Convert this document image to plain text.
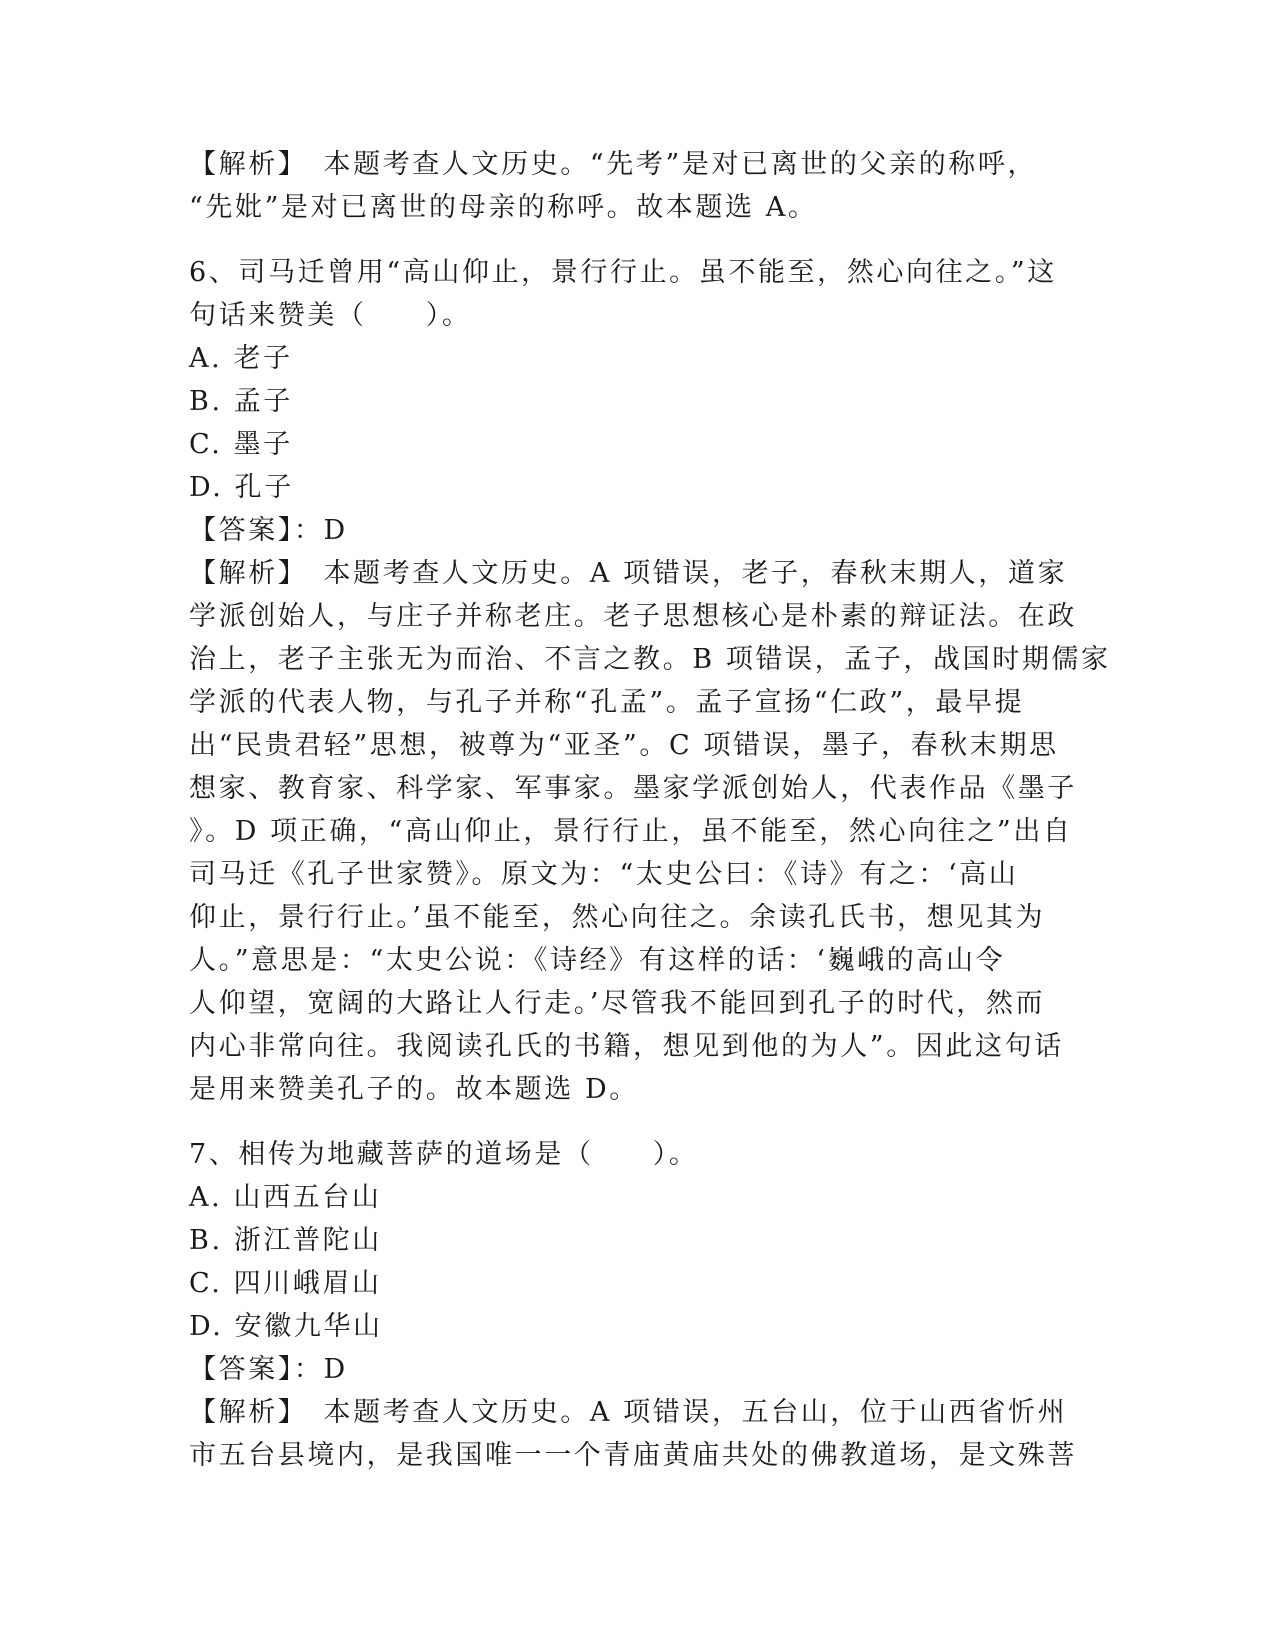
【解析】　本题考查人文历史。“先考”是对已离世的父亲的称呼，
“先妣”是对已离世的母亲的称呼。故本题选 A。
6、司马迁曾用“高山仰止，景行行止。虽不能至，然心向往之。”这
句话来赞美（　　）。
A. 老子
B. 孟子
C. 墨子
D. 孔子
【答案】：D
【解析】　本题考查人文历史。A 项错误，老子，春秋末期人，道家
学派创始人，与庄子并称老庄。老子思想核心是朴素的辩证法。在政
治上，老子主张无为而治、不言之教。B 项错误，孟子，战国时期儒家
学派的代表人物，与孔子并称“孔孟”。孟子宣扬“仁政”，最早提
出“民贵君轻”思想，被尊为“亚圣”。C 项错误，墨子，春秋末期思
想家、教育家、科学家、军事家。墨家学派创始人，代表作品《墨子
》。D 项正确，“高山仰止，景行行止，虽不能至，然心向往之”出自
司马迁《孔子世家赞》。原文为：“太史公曰：《诗》有之：‘高山
仰止，景行行止。’虽不能至，然心向往之。余读孔氏书，想见其为
人。”意思是：“太史公说：《诗经》有这样的话：‘巍峨的高山令
人仰望，宽阔的大路让人行走。’尽管我不能回到孔子的时代，然而
内心非常向往。我阅读孔氏的书籍，想见到他的为人”。因此这句话
是用来赞美孔子的。故本题选 D。
7、相传为地藏菩萨的道场是（　　）。
A. 山西五台山
B. 浙江普陀山
C. 四川峨眉山
D. 安徽九华山
【答案】：D
【解析】　本题考查人文历史。A 项错误，五台山，位于山西省忻州
市五台县境内，是我国唯一一个青庙黄庙共处的佛教道场，是文殊菩
